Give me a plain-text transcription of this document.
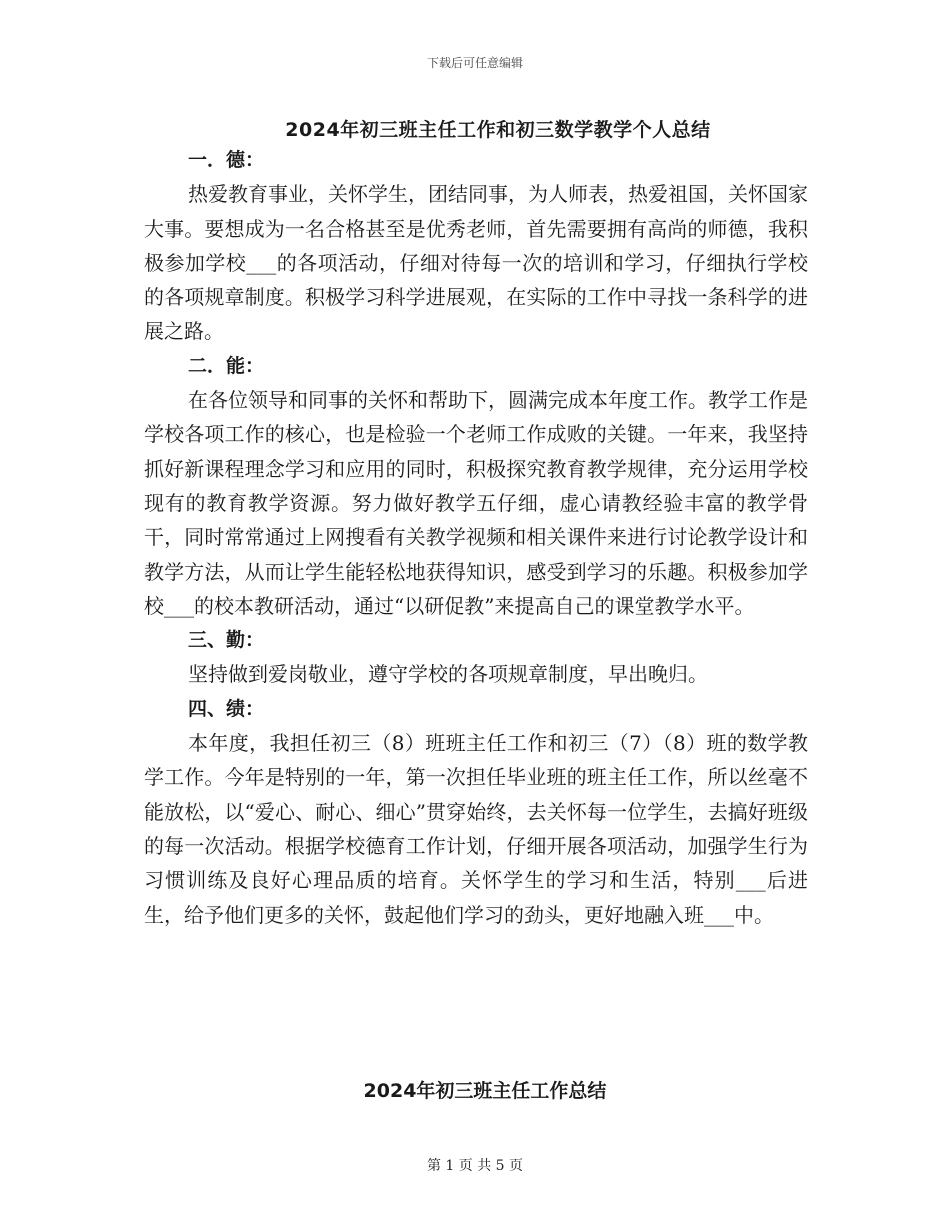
下载后可任意编辑
2024年初三班主任工作和初三数学教学个人总结

一．德：

热爱教育事业，关怀学生，团结同事，为人师表，热爱祖国，关怀国家大事。要想成为一名合格甚至是优秀老师，首先需要拥有高尚的师德，我积极参加学校___的各项活动，仔细对待每一次的培训和学习，仔细执行学校的各项规章制度。积极学习科学进展观，在实际的工作中寻找一条科学的进展之路。

二．能：

在各位领导和同事的关怀和帮助下，圆满完成本年度工作。教学工作是学校各项工作的核心，也是检验一个老师工作成败的关键。一年来，我坚持抓好新课程理念学习和应用的同时，积极探究教育教学规律，充分运用学校现有的教育教学资源。努力做好教学五仔细，虚心请教经验丰富的教学骨干，同时常常通过上网搜看有关教学视频和相关课件来进行讨论教学设计和教学方法，从而让学生能轻松地获得知识，感受到学习的乐趣。积极参加学校___的校本教研活动，通过“以研促教”来提高自己的课堂教学水平。

三、勤：

坚持做到爱岗敬业，遵守学校的各项规章制度，早出晚归。

四、绩：

本年度，我担任初三（8）班班主任工作和初三（7）（8）班的数学教学工作。今年是特别的一年，第一次担任毕业班的班主任工作，所以丝毫不能放松，以“爱心、耐心、细心”贯穿始终，去关怀每一位学生，去搞好班级的每一次活动。根据学校德育工作计划，仔细开展各项活动，加强学生行为习惯训练及良好心理品质的培育。关怀学生的学习和生活，特别___后进生，给予他们更多的关怀，鼓起他们学习的劲头，更好地融入班___中。

2024年初三班主任工作总结
第 1 页 共 5 页
